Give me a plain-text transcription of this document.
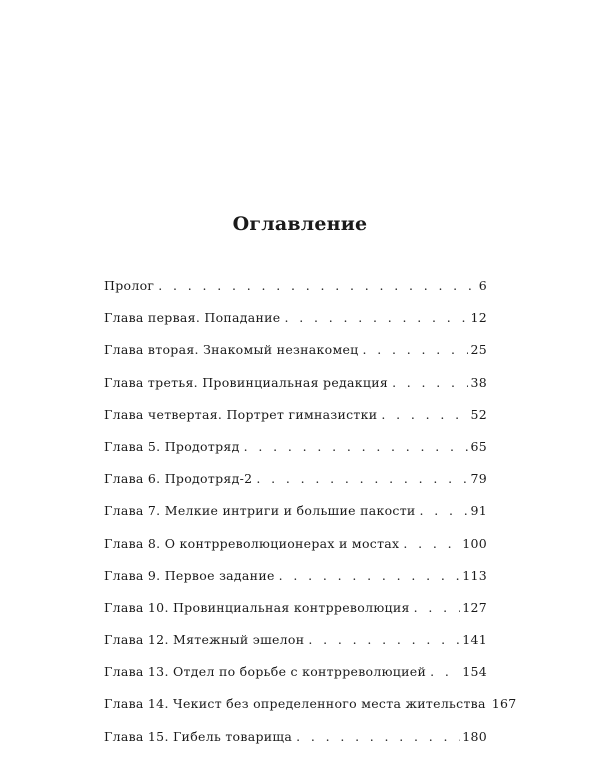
Оглавление
Пролог . . .	6
Глава первая. Попадание . . .	12
Глава вторая. Знакомый незнакомец . . .	25
Глава третья. Провинциальная редакция . . .	38
Глава четвертая. Портрет гимназистки . . .	52
Глава 5. Продотряд . . .	65
Глава 6. Продотряд-2 . . .	79
Глава 7. Мелкие интриги и большие пакости . . .	91
Глава 8. О контрреволюционерах и мостах . . .	100
Глава 9. Первое задание . . .	113
Глава 10. Провинциальная контрреволюция . . .	127
Глава 12. Мятежный эшелон . . .	141
Глава 13. Отдел по борьбе с контрреволюцией . . .	154
Глава 14. Чекист без определенного места жительства 167
Глава 15. Гибель товарища . . .	180
